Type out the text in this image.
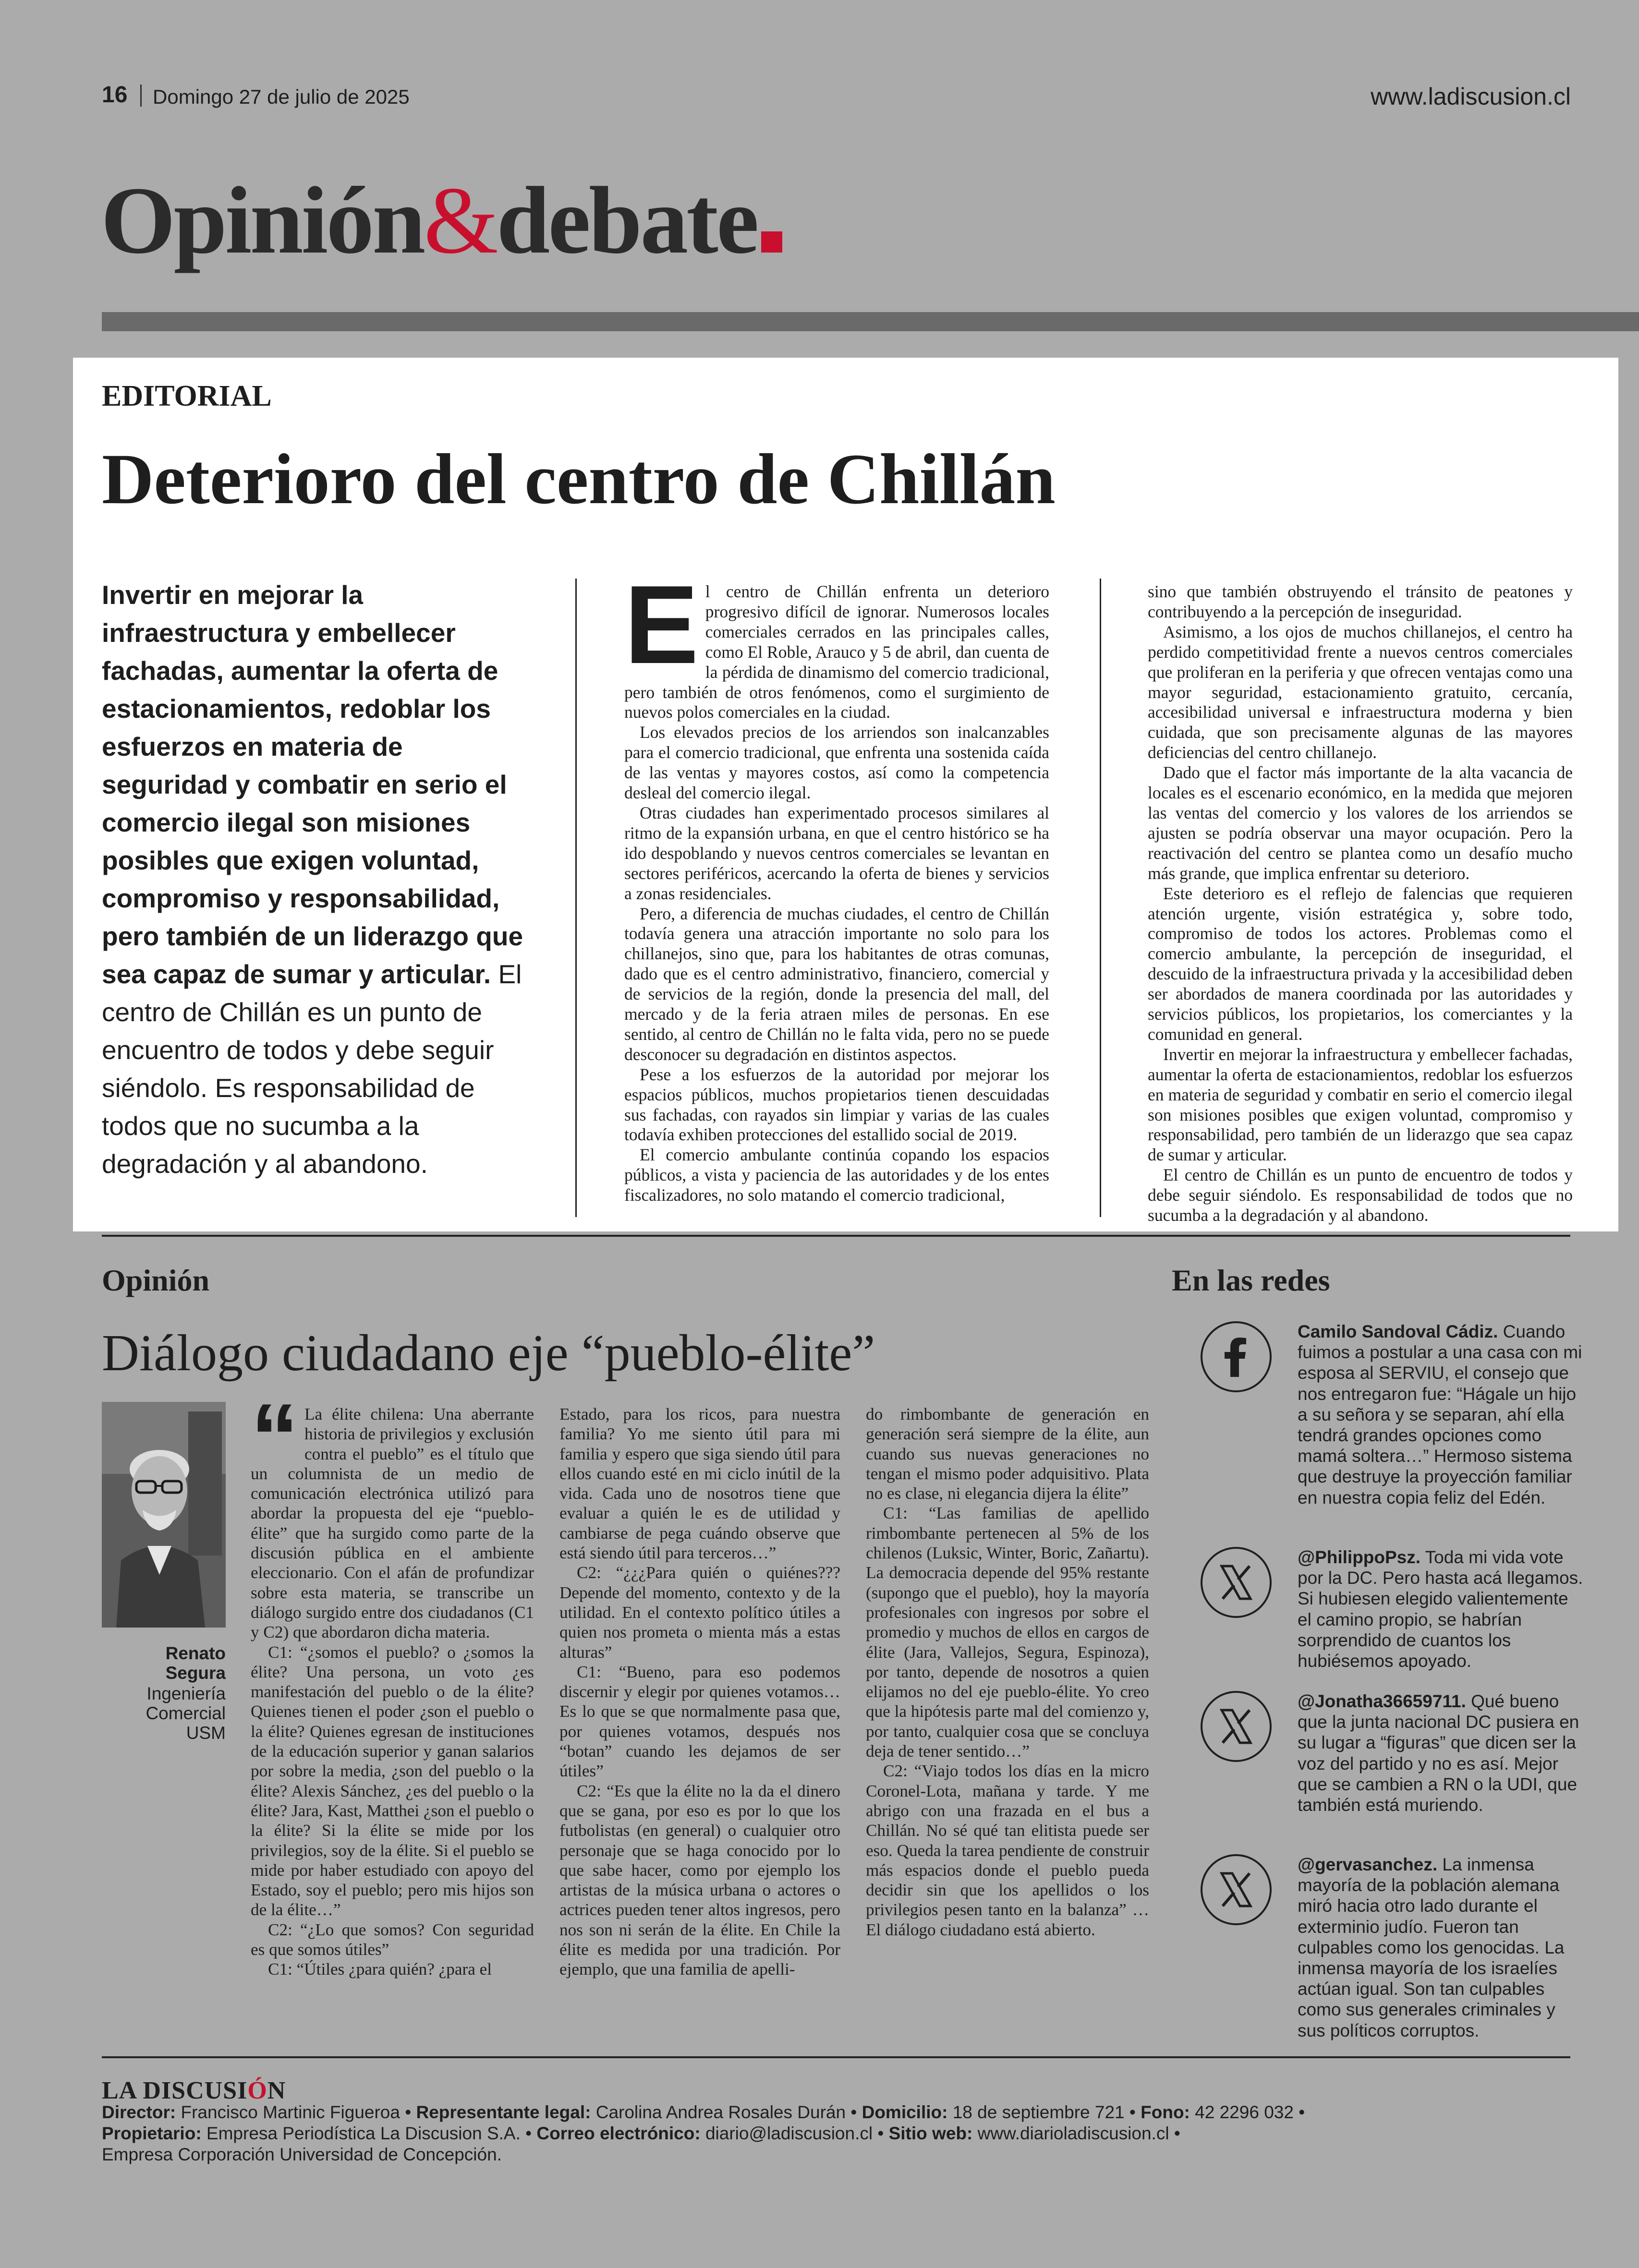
16 Domingo 27 de julio de 2025	www.ladiscusion.cl
Opinión&debate
EDITORIAL
Deterioro del centro de Chillán
Invertir en mejorar la infraestructura y embellecer fachadas, aumentar la oferta de estacionamientos, redoblar los esfuerzos en materia de seguridad y combatir en serio el comercio ilegal son misiones posibles que exigen voluntad, compromiso y responsabilidad, pero también de un liderazgo que sea capaz de sumar y articular. El centro de Chillán es un punto de encuentro de todos y debe seguir siéndolo. Es responsabilidad de todos que no sucumba a la degradación y al abandono.

El centro de Chillán enfrenta un deterioro progresivo difícil de ignorar. Numerosos locales comerciales cerrados en las principales calles, como El Roble, Arauco y 5 de abril, dan cuenta de la pérdida de dinamismo del comercio tradicional, pero también de otros fenómenos, como el surgimiento de nuevos polos comerciales en la ciudad.

Los elevados precios de los arriendos son inalcanzables para el comercio tradicional, que enfrenta una sostenida caída de las ventas y mayores costos, así como la competencia desleal del comercio ilegal.

Otras ciudades han experimentado procesos similares al ritmo de la expansión urbana, en que el centro histórico se ha ido despoblando y nuevos centros comerciales se levantan en sectores periféricos, acercando la oferta de bienes y servicios a zonas residenciales.

Pero, a diferencia de muchas ciudades, el centro de Chillán todavía genera una atracción importante no solo para los chillanejos, sino que, para los habitantes de otras comunas, dado que es el centro administrativo, financiero, comercial y de servicios de la región, donde la presencia del mall, del mercado y de la feria atraen miles de personas. En ese sentido, al centro de Chillán no le falta vida, pero no se puede desconocer su degradación en distintos aspectos.

Pese a los esfuerzos de la autoridad por mejorar los espacios públicos, muchos propietarios tienen descuidadas sus fachadas, con rayados sin limpiar y varias de las cuales todavía exhiben protecciones del estallido social de 2019.

El comercio ambulante continúa copando los espacios públicos, a vista y paciencia de las autoridades y de los entes fiscalizadores, no solo matando el comercio tradicional,

sino que también obstruyendo el tránsito de peatones y contribuyendo a la percepción de inseguridad.

Asimismo, a los ojos de muchos chillanejos, el centro ha perdido competitividad frente a nuevos centros comerciales que proliferan en la periferia y que ofrecen ventajas como una mayor seguridad, estacionamiento gratuito, cercanía, accesibilidad universal e infraestructura moderna y bien cuidada, que son precisamente algunas de las mayores deficiencias del centro chillanejo.

Dado que el factor más importante de la alta vacancia de locales es el escenario económico, en la medida que mejoren las ventas del comercio y los valores de los arriendos se ajusten se podría observar una mayor ocupación. Pero la reactivación del centro se plantea como un desafío mucho más grande, que implica enfrentar su deterioro.

Este deterioro es el reflejo de falencias que requieren atención urgente, visión estratégica y, sobre todo, compromiso de todos los actores. Problemas como el comercio ambulante, la percepción de inseguridad, el descuido de la infraestructura privada y la accesibilidad deben ser abordados de manera coordinada por las autoridades y servicios públicos, los propietarios, los comerciantes y la comunidad en general.

Invertir en mejorar la infraestructura y embellecer fachadas, aumentar la oferta de estacionamientos, redoblar los esfuerzos en materia de seguridad y combatir en serio el comercio ilegal son misiones posibles que exigen voluntad, compromiso y responsabilidad, pero también de un liderazgo que sea capaz de sumar y articular.

El centro de Chillán es un punto de encuentro de todos y debe seguir siéndolo. Es responsabilidad de todos que no sucumba a la degradación y al abandono.

Opinión
Diálogo ciudadano eje “pueblo-élite”
Renato
Segura
Ingeniería Comercial USM

“ La élite chilena: Una aberrante historia de privilegios y exclusión contra el pueblo” es el título que un columnista de un medio de comunicación electrónica utilizó para abordar la propuesta del eje “pueblo-élite” que ha surgido como parte de la discusión pública en el ambiente eleccionario. Con el afán de profundizar sobre esta materia, se transcribe un diálogo surgido entre dos ciudadanos (C1 y C2) que abordaron dicha materia.

C1: “¿somos el pueblo? o ¿somos la élite? Una persona, un voto ¿es manifestación del pueblo o de la élite? Quienes tienen el poder ¿son el pueblo o la élite? Quienes egresan de instituciones de la educación superior y ganan salarios por sobre la media, ¿son del pueblo o la élite? Alexis Sánchez, ¿es del pueblo o la élite? Jara, Kast, Matthei ¿son el pueblo o la élite? Si la élite se mide por los privilegios, soy de la élite. Si el pueblo se mide por haber estudiado con apoyo del Estado, soy el pueblo; pero mis hijos son de la élite…”

C2: “¿Lo que somos? Con seguridad es que somos útiles”

C1: “Útiles ¿para quién? ¿para el

Estado, para los ricos, para nuestra familia? Yo me siento útil para mi familia y espero que siga siendo útil para ellos cuando esté en mi ciclo inútil de la vida. Cada uno de nosotros tiene que evaluar a quién le es de utilidad y cambiarse de pega cuándo observe que está siendo útil para terceros…”

C2: “¿¿¿Para quién o quiénes??? Depende del momento, contexto y de la utilidad. En el contexto político útiles a quien nos prometa o mienta más a estas alturas”

C1: “Bueno, para eso podemos discernir y elegir por quienes votamos… Es lo que se que normalmente pasa que, por quienes votamos, después nos “botan” cuando les dejamos de ser útiles”

C2: “Es que la élite no la da el dinero que se gana, por eso es por lo que los futbolistas (en general) o cualquier otro personaje que se haga conocido por lo que sabe hacer, como por ejemplo los artistas de la música urbana o actores o actrices pueden tener altos ingresos, pero nos son ni serán de la élite. En Chile la élite es medida por una tradición. Por ejemplo, que una familia de apelli-

do rimbombante de generación en generación será siempre de la élite, aun cuando sus nuevas generaciones no tengan el mismo poder adquisitivo. Plata no es clase, ni elegancia dijera la élite”

C1: “Las familias de apellido rimbombante pertenecen al 5% de los chilenos (Luksic, Winter, Boric, Zañartu). La democracia depende del 95% restante (supongo que el pueblo), hoy la mayoría profesionales con ingresos por sobre el promedio y muchos de ellos en cargos de élite (Jara, Vallejos, Segura, Espinoza), por tanto, depende de nosotros a quien elijamos no del eje pueblo-élite. Yo creo que la hipótesis parte mal del comienzo y, por tanto, cualquier cosa que se concluya deja de tener sentido…”

C2: “Viajo todos los días en la micro Coronel-Lota, mañana y tarde. Y me abrigo con una frazada en el bus a Chillán. No sé qué tan elitista puede ser eso. Queda la tarea pendiente de construir más espacios donde el pueblo pueda decidir sin que los apellidos o los privilegios pesen tanto en la balanza” … El diálogo ciudadano está abierto.

En las redes
Camilo Sandoval Cádiz. Cuando fuimos a postular a una casa con mi esposa al SERVIU, el consejo que nos entregaron fue: “Hágale un hijo a su señora y se separan, ahí ella tendrá grandes opciones como mamá soltera…” Hermoso sistema que destruye la proyección familiar en nuestra copia feliz del Edén.
@PhilippoPsz. Toda mi vida vote por la DC. Pero hasta acá llegamos. Si hubiesen elegido valientemente el camino propio, se habrían sorprendido de cuantos los hubiésemos apoyado.
@Jonatha36659711. Qué bueno que la junta nacional DC pusiera en su lugar a “figuras” que dicen ser la voz del partido y no es así. Mejor que se cambien a RN o la UDI, que también está muriendo.
@gervasanchez. La inmensa mayoría de la población alemana miró hacia otro lado durante el exterminio judío. Fueron tan culpables como los genocidas. La inmensa mayoría de los israelíes actúan igual. Son tan culpables como sus generales criminales y sus políticos corruptos.
LA DISCUSIÓN
Director: Francisco Martinic Figueroa • Representante legal: Carolina Andrea Rosales Durán • Domicilio: 18 de septiembre 721 • Fono: 42 2296 032 •
Propietario: Empresa Periodística La Discusion S.A. • Correo electrónico: diario@ladiscusion.cl • Sitio web: www.diarioladiscusion.cl •
Empresa Corporación Universidad de Concepción.
